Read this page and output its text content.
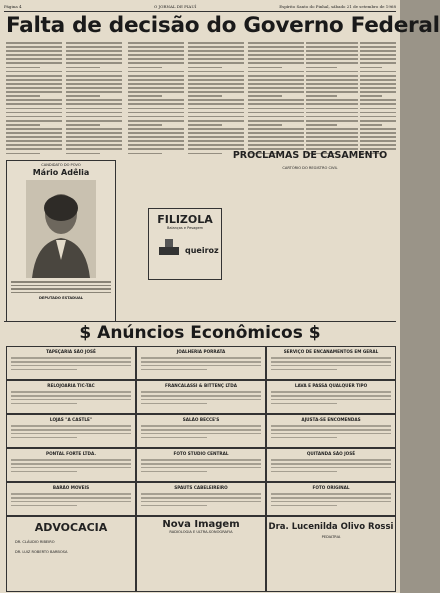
Página 4	O JORNAL DE PIAUÍ	Espírito Santo do Pinhal, sábado 21 de setembro de 1968
Falta de decisão do Governo Federal
CANDIDATO DO POVO
Mário Adêlia
DEPUTADO ESTADUAL
FILIZOLA
Balanças e Pesagem
queiroz
PROCLAMAS DE CASAMENTO
CARTÓRIO DO REGISTRO CIVIL
$ Anúncios Econômicos $
TAPEÇARIA SÃO JOSÉ
RELOJOARIA TIC-TAC
LOJAS "A CASTLE"
PONTAL FORTE LTDA.
BARÃO MOVEIS
JOALHERIA PORRATA
FRANCALASSI & BITTENÇ LTDA
SALÃO BECCE'S
FOTO STUDIO CENTRAL
SPAUTS CABELEIREIRO
SERVIÇO DE ENCANAMENTOS EM GERAL
LAVA E PASSA QUALQUER TIPO
AJUSTA-SE ENCOMENDAS
QUITANDA SÃO JOSÉ
FOTO ORIGINAL
ADVOCACIA
DR. CLÁUDIO RIBEIRO
DR. LUIZ ROBERTO BARBOSA
Nova Imagem
RADIOLOGIA E ULTRA-SONOGRAFIA	Dra. Lucenilda Olivo Rossi
PEDIATRIA
